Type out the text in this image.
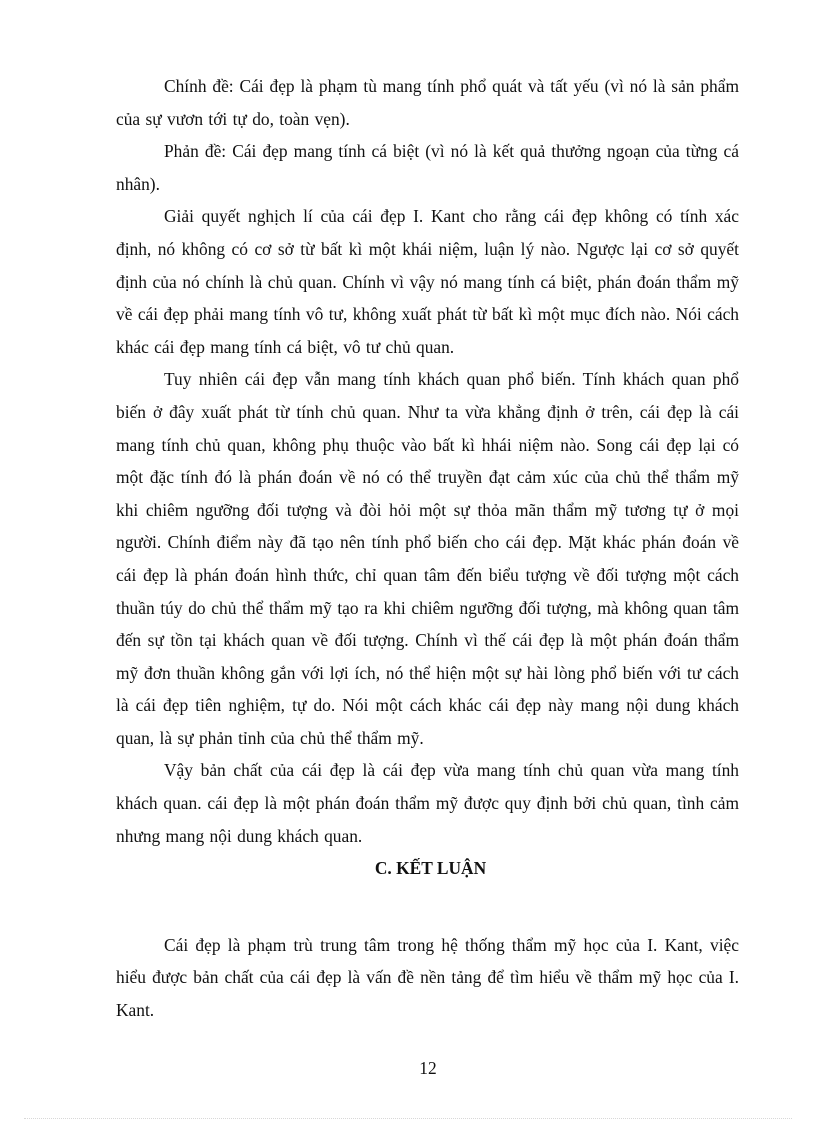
Chính đề: Cái đẹp là phạm tù mang tính phổ quát và tất yếu (vì nó là sản phẩm của sự vươn tới tự do, toàn vẹn).

Phản đề: Cái đẹp mang tính cá biệt (vì nó là kết quả thưởng ngoạn của từng cá nhân).

Giải quyết nghịch lí của cái đẹp I. Kant cho rằng cái đẹp không có tính xác định, nó không có cơ sở từ bất kì một khái niệm, luận lý nào. Ngược lại cơ sở quyết định của nó chính là chủ quan. Chính vì vậy nó mang tính cá biệt, phán đoán thẩm mỹ về cái đẹp phải mang tính vô tư, không xuất phát từ bất kì một mục đích nào. Nói cách khác cái đẹp mang tính cá biệt, vô tư chủ quan.

Tuy nhiên cái đẹp vẫn mang tính khách quan phổ biến. Tính khách quan phổ biến ở đây xuất phát từ tính chủ quan. Như ta vừa khẳng định ở trên, cái đẹp là cái mang tính chủ quan, không phụ thuộc vào bất kì hhái niệm nào. Song cái đẹp lại có một đặc tính đó là phán đoán về nó có thể truyền đạt cảm xúc của chủ thể thẩm mỹ khi chiêm ngưỡng đối tượng và đòi hỏi một sự thỏa mãn thẩm mỹ tương tự ở mọi người. Chính điểm này đã tạo nên tính phổ biến cho cái đẹp. Mặt khác phán đoán về cái đẹp là phán đoán hình thức, chỉ quan tâm đến biểu tượng về đối tượng một cách thuần túy do chủ thể thẩm mỹ tạo ra khi chiêm ngưỡng đối tượng, mà không quan tâm đến sự tồn tại khách quan về đối tượng. Chính vì thế cái đẹp là một phán đoán thẩm mỹ đơn thuần không gắn với lợi ích, nó thể hiện một sự hài lòng phổ biến với tư cách là cái đẹp tiên nghiệm, tự do. Nói một cách khác cái đẹp này mang nội dung khách quan, là sự phản tỉnh của chủ thể thẩm mỹ.

Vậy bản chất của cái đẹp là cái đẹp vừa mang tính chủ quan vừa mang tính khách quan. cái đẹp là một phán đoán thẩm mỹ được quy định bởi chủ quan, tình cảm nhưng mang nội dung khách quan.

C. KẾT LUẬN

Cái đẹp là phạm trù trung tâm trong hệ thống thẩm mỹ học của I. Kant, việc hiểu được bản chất của cái đẹp là vấn đề nền tảng để tìm hiểu về thẩm mỹ học của I. Kant.

12
